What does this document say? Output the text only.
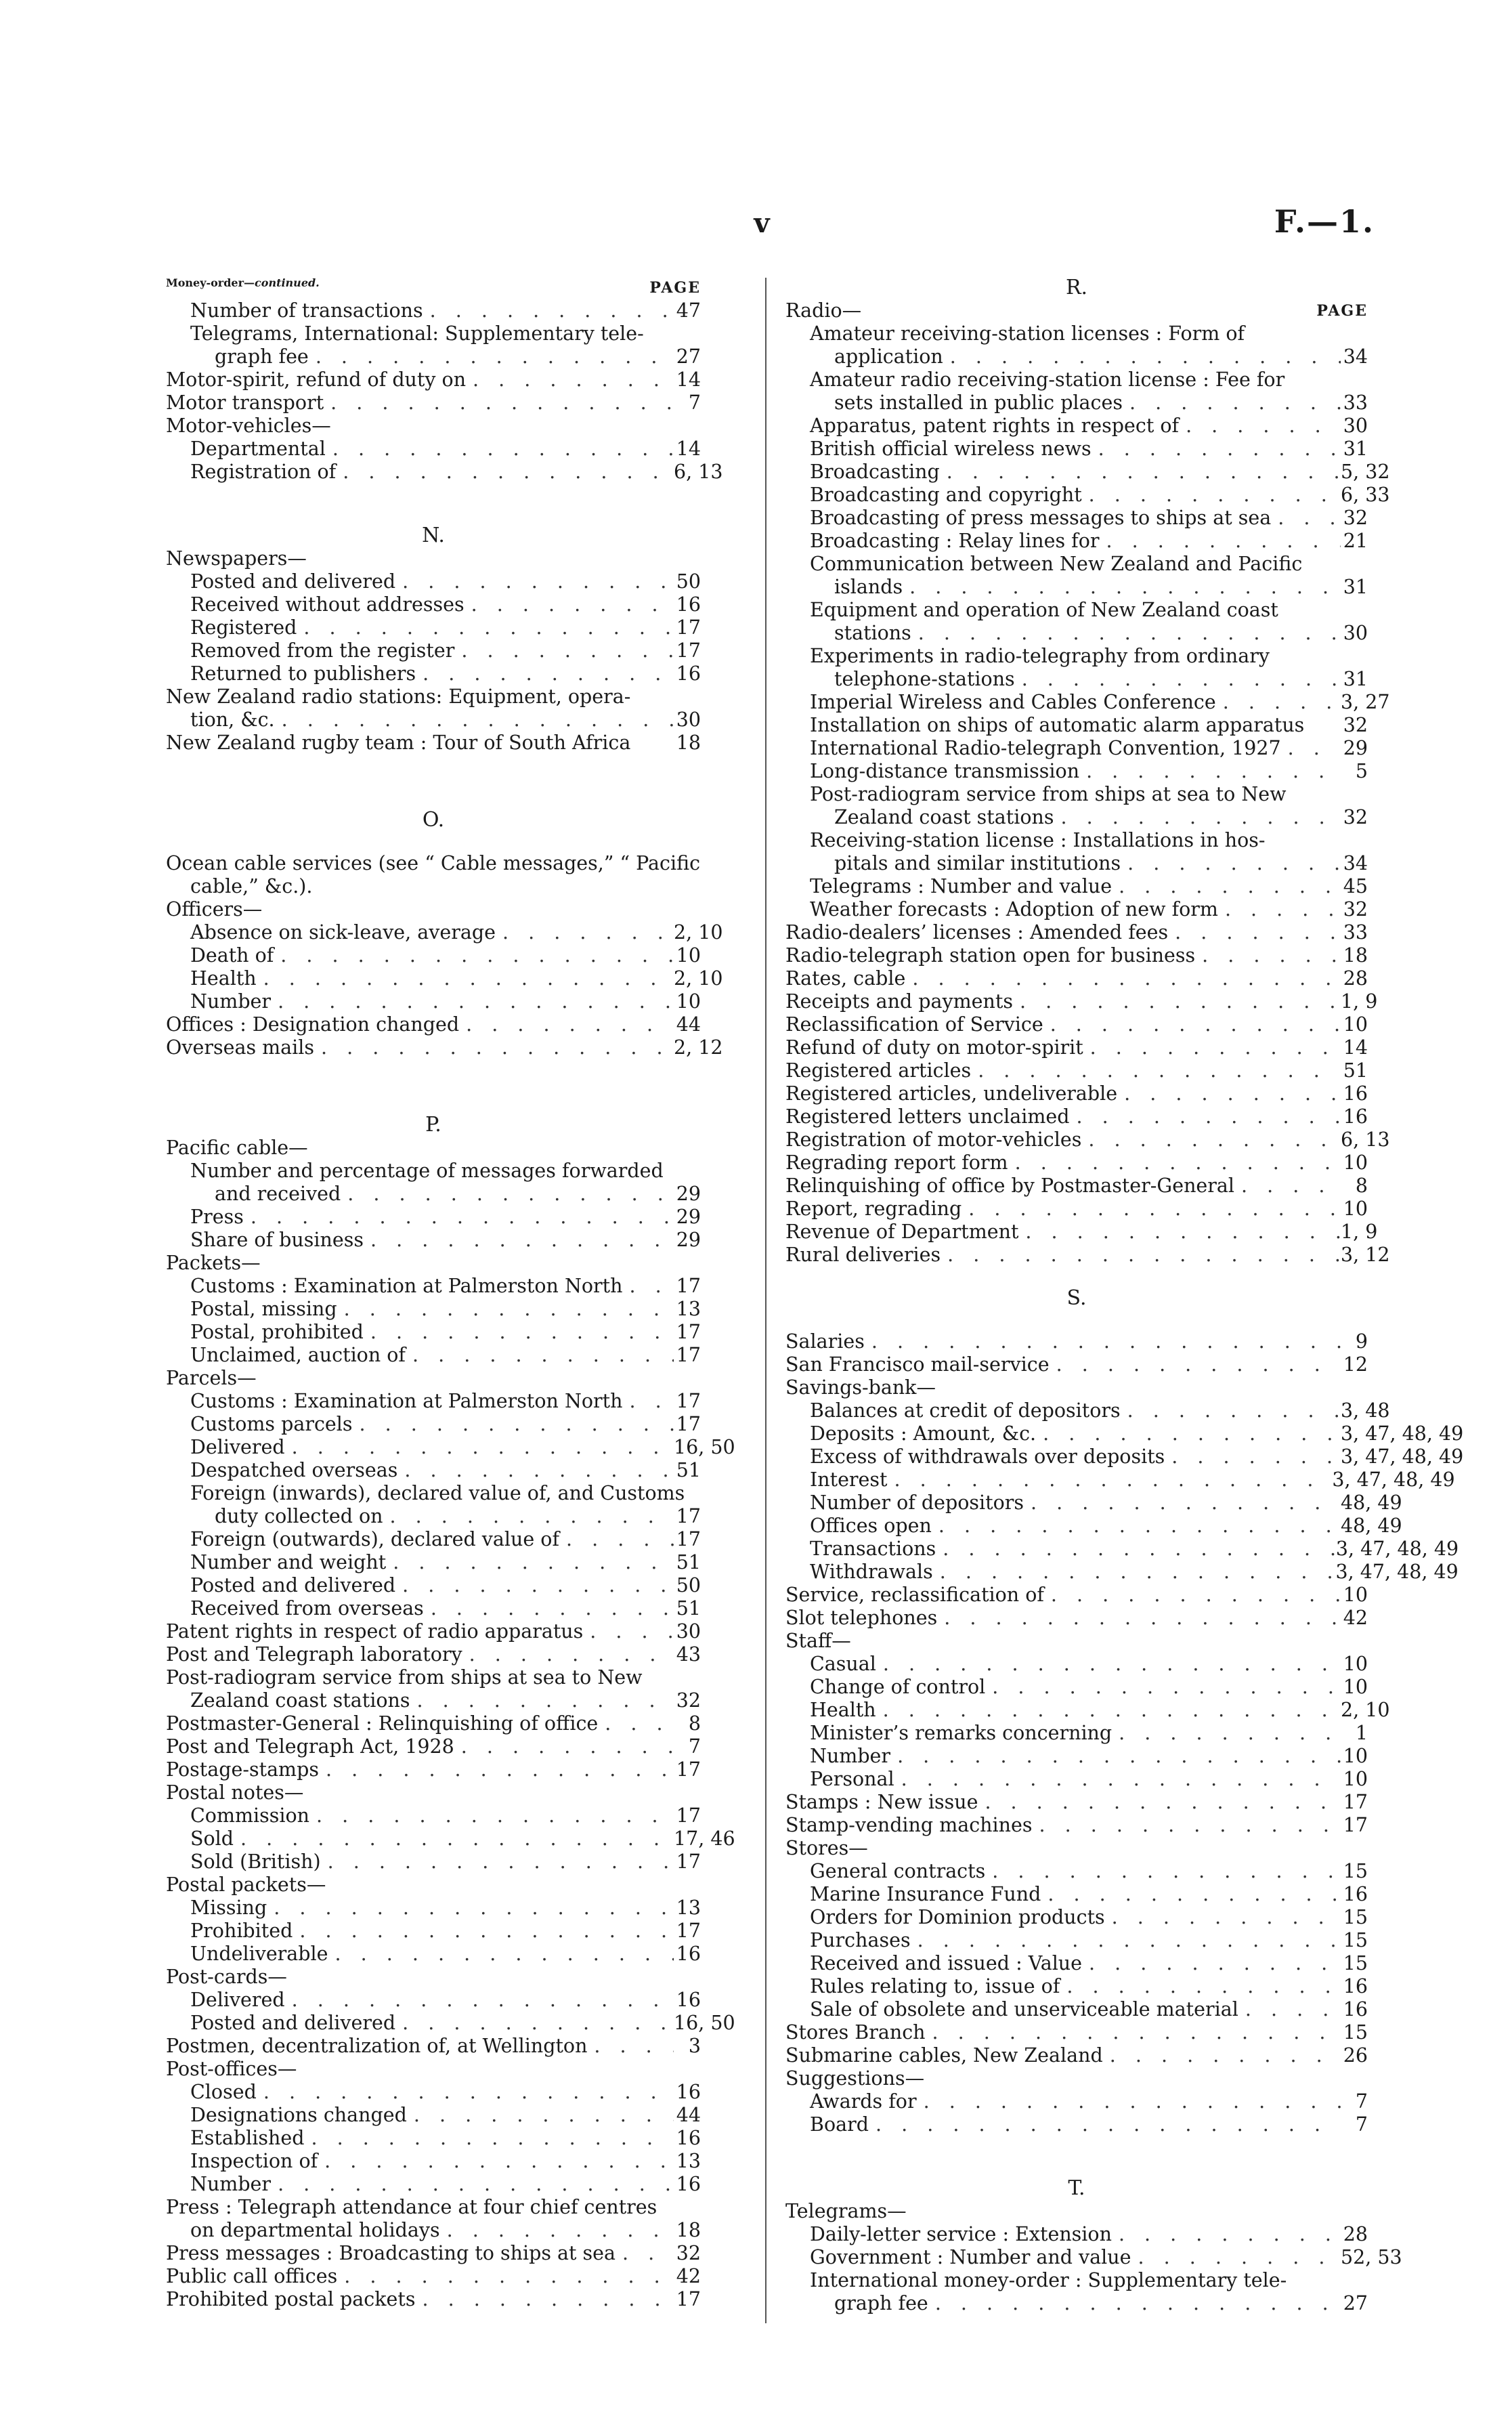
v	F.—1.
Money-order—continued.	PAGE
Number of transactions . . .	47
Telegrams, International: Supplementary tele-
graph fee . . .	27
Motor-spirit, refund of duty on . . .	14
Motor transport . . .	7
Motor-vehicles—
Departmental . . .	14
Registration of . . .	6, 13
N.
Newspapers—
Posted and delivered . . .	50
Received without addresses . . .	16
Registered . . .	17
Removed from the register . . .	17
Returned to publishers . . .	16
New Zealand radio stations: Equipment, opera-
tion, &c. . . .	30
New Zealand rugby team : Tour of South Africa 18
O.
Ocean cable services (see “ Cable messages,” “ Pacific
cable,” &c.).
Officers—
Absence on sick-leave, average . . .	2, 10
Death of . . .	10
Health . . .	2, 10
Number . . .	10
Offices : Designation changed . . .	44
Overseas mails . . .	2, 12
P.
Pacific cable—
Number and percentage of messages forwarded
and received . . .	29
Press . . .	29
Share of business . . .	29
Packets—
Customs : Examination at Palmerston North . . .	17
Postal, missing . . .	13
Postal, prohibited . . .	17
Unclaimed, auction of . . .	17
Parcels—
Customs : Examination at Palmerston North . . .	17
Customs parcels . . .	17
Delivered . . .	16, 50
Despatched overseas . . .	51
Foreign (inwards), declared value of, and Customs
duty collected on . . .	17
Foreign (outwards), declared value of . . .	17
Number and weight . . .	51
Posted and delivered . . .	50
Received from overseas . . .	51
Patent rights in respect of radio apparatus . . .	30
Post and Telegraph laboratory . . .	43
Post-radiogram service from ships at sea to New
Zealand coast stations . . .	32
Postmaster-General : Relinquishing of office . . .	8
Post and Telegraph Act, 1928 . . .	7
Postage-stamps . . .	17
Postal notes—
Commission . . .	17
Sold . . .	17, 46
Sold (British) . . .	17
Postal packets—
Missing . . .	13
Prohibited . . .	17
Undeliverable . . .	16
Post-cards—
Delivered . . .	16
Posted and delivered . . .	16, 50
Postmen, decentralization of, at Wellington . . .	3
Post-offices—
Closed . . .	16
Designations changed . . .	44
Established . . .	16
Inspection of . . .	13
Number . . .	16
Press : Telegraph attendance at four chief centres
on departmental holidays . . .	18
Press messages : Broadcasting to ships at sea . . .	32
Public call offices . . .	42
Prohibited postal packets . . .	17
R.
Radio—	PAGE
Amateur receiving-station licenses : Form of
application . . .	34
Amateur radio receiving-station license : Fee for
sets installed in public places . . .	33
Apparatus, patent rights in respect of . . .	30
British official wireless news . . .	31
Broadcasting . . .	5, 32
Broadcasting and copyright . . .	6, 33
Broadcasting of press messages to ships at sea . . .	32
Broadcasting : Relay lines for . . .	21
Communication between New Zealand and Pacific
islands . . .	31
Equipment and operation of New Zealand coast
stations . . .	30
Experiments in radio-telegraphy from ordinary
telephone-stations . . .	31
Imperial Wireless and Cables Conference . . .	3, 27
Installation on ships of automatic alarm apparatus 32
International Radio-telegraph Convention, 1927 . . .	29
Long-distance transmission . . .	5
Post-radiogram service from ships at sea to New
Zealand coast stations . . .	32
Receiving-station license : Installations in hos-
pitals and similar institutions . . .	34
Telegrams : Number and value . . .	45
Weather forecasts : Adoption of new form . . .	32
Radio-dealers’ licenses : Amended fees . . .	33
Radio-telegraph station open for business . . .	18
Rates, cable . . .	28
Receipts and payments . . .	1, 9
Reclassification of Service . . .	10
Refund of duty on motor-spirit . . .	14
Registered articles . . .	51
Registered articles, undeliverable . . .	16
Registered letters unclaimed . . .	16
Registration of motor-vehicles . . .	6, 13
Regrading report form . . .	10
Relinquishing of office by Postmaster-General . . .	8
Report, regrading . . .	10
Revenue of Department . . .	1, 9
Rural deliveries . . .	3, 12
S.
Salaries . . .	9
San Francisco mail-service . . .	12
Savings-bank—
Balances at credit of depositors . . .	3, 48
Deposits : Amount, &c. . . .	3, 47, 48, 49
Excess of withdrawals over deposits . . .	3, 47, 48, 49
Interest . . .	3, 47, 48, 49
Number of depositors . . .	48, 49
Offices open . . .	48, 49
Transactions . . .	3, 47, 48, 49
Withdrawals . . .	3, 47, 48, 49
Service, reclassification of . . .	10
Slot telephones . . .	42
Staff—
Casual . . .	10
Change of control . . .	10
Health . . .	2, 10
Minister’s remarks concerning . . .	1
Number . . .	10
Personal . . .	10
Stamps : New issue . . .	17
Stamp-vending machines . . .	17
Stores—
General contracts . . .	15
Marine Insurance Fund . . .	16
Orders for Dominion products . . .	15
Purchases . . .	15
Received and issued : Value . . .	15
Rules relating to, issue of . . .	16
Sale of obsolete and unserviceable material . . .	16
Stores Branch . . .	15
Submarine cables, New Zealand . . .	26
Suggestions—
Awards for . . .	7
Board . . .	7
T.
Telegrams—
Daily-letter service : Extension . . .	28
Government : Number and value . . .	52, 53
International money-order : Supplementary tele-
graph fee . . .	27
